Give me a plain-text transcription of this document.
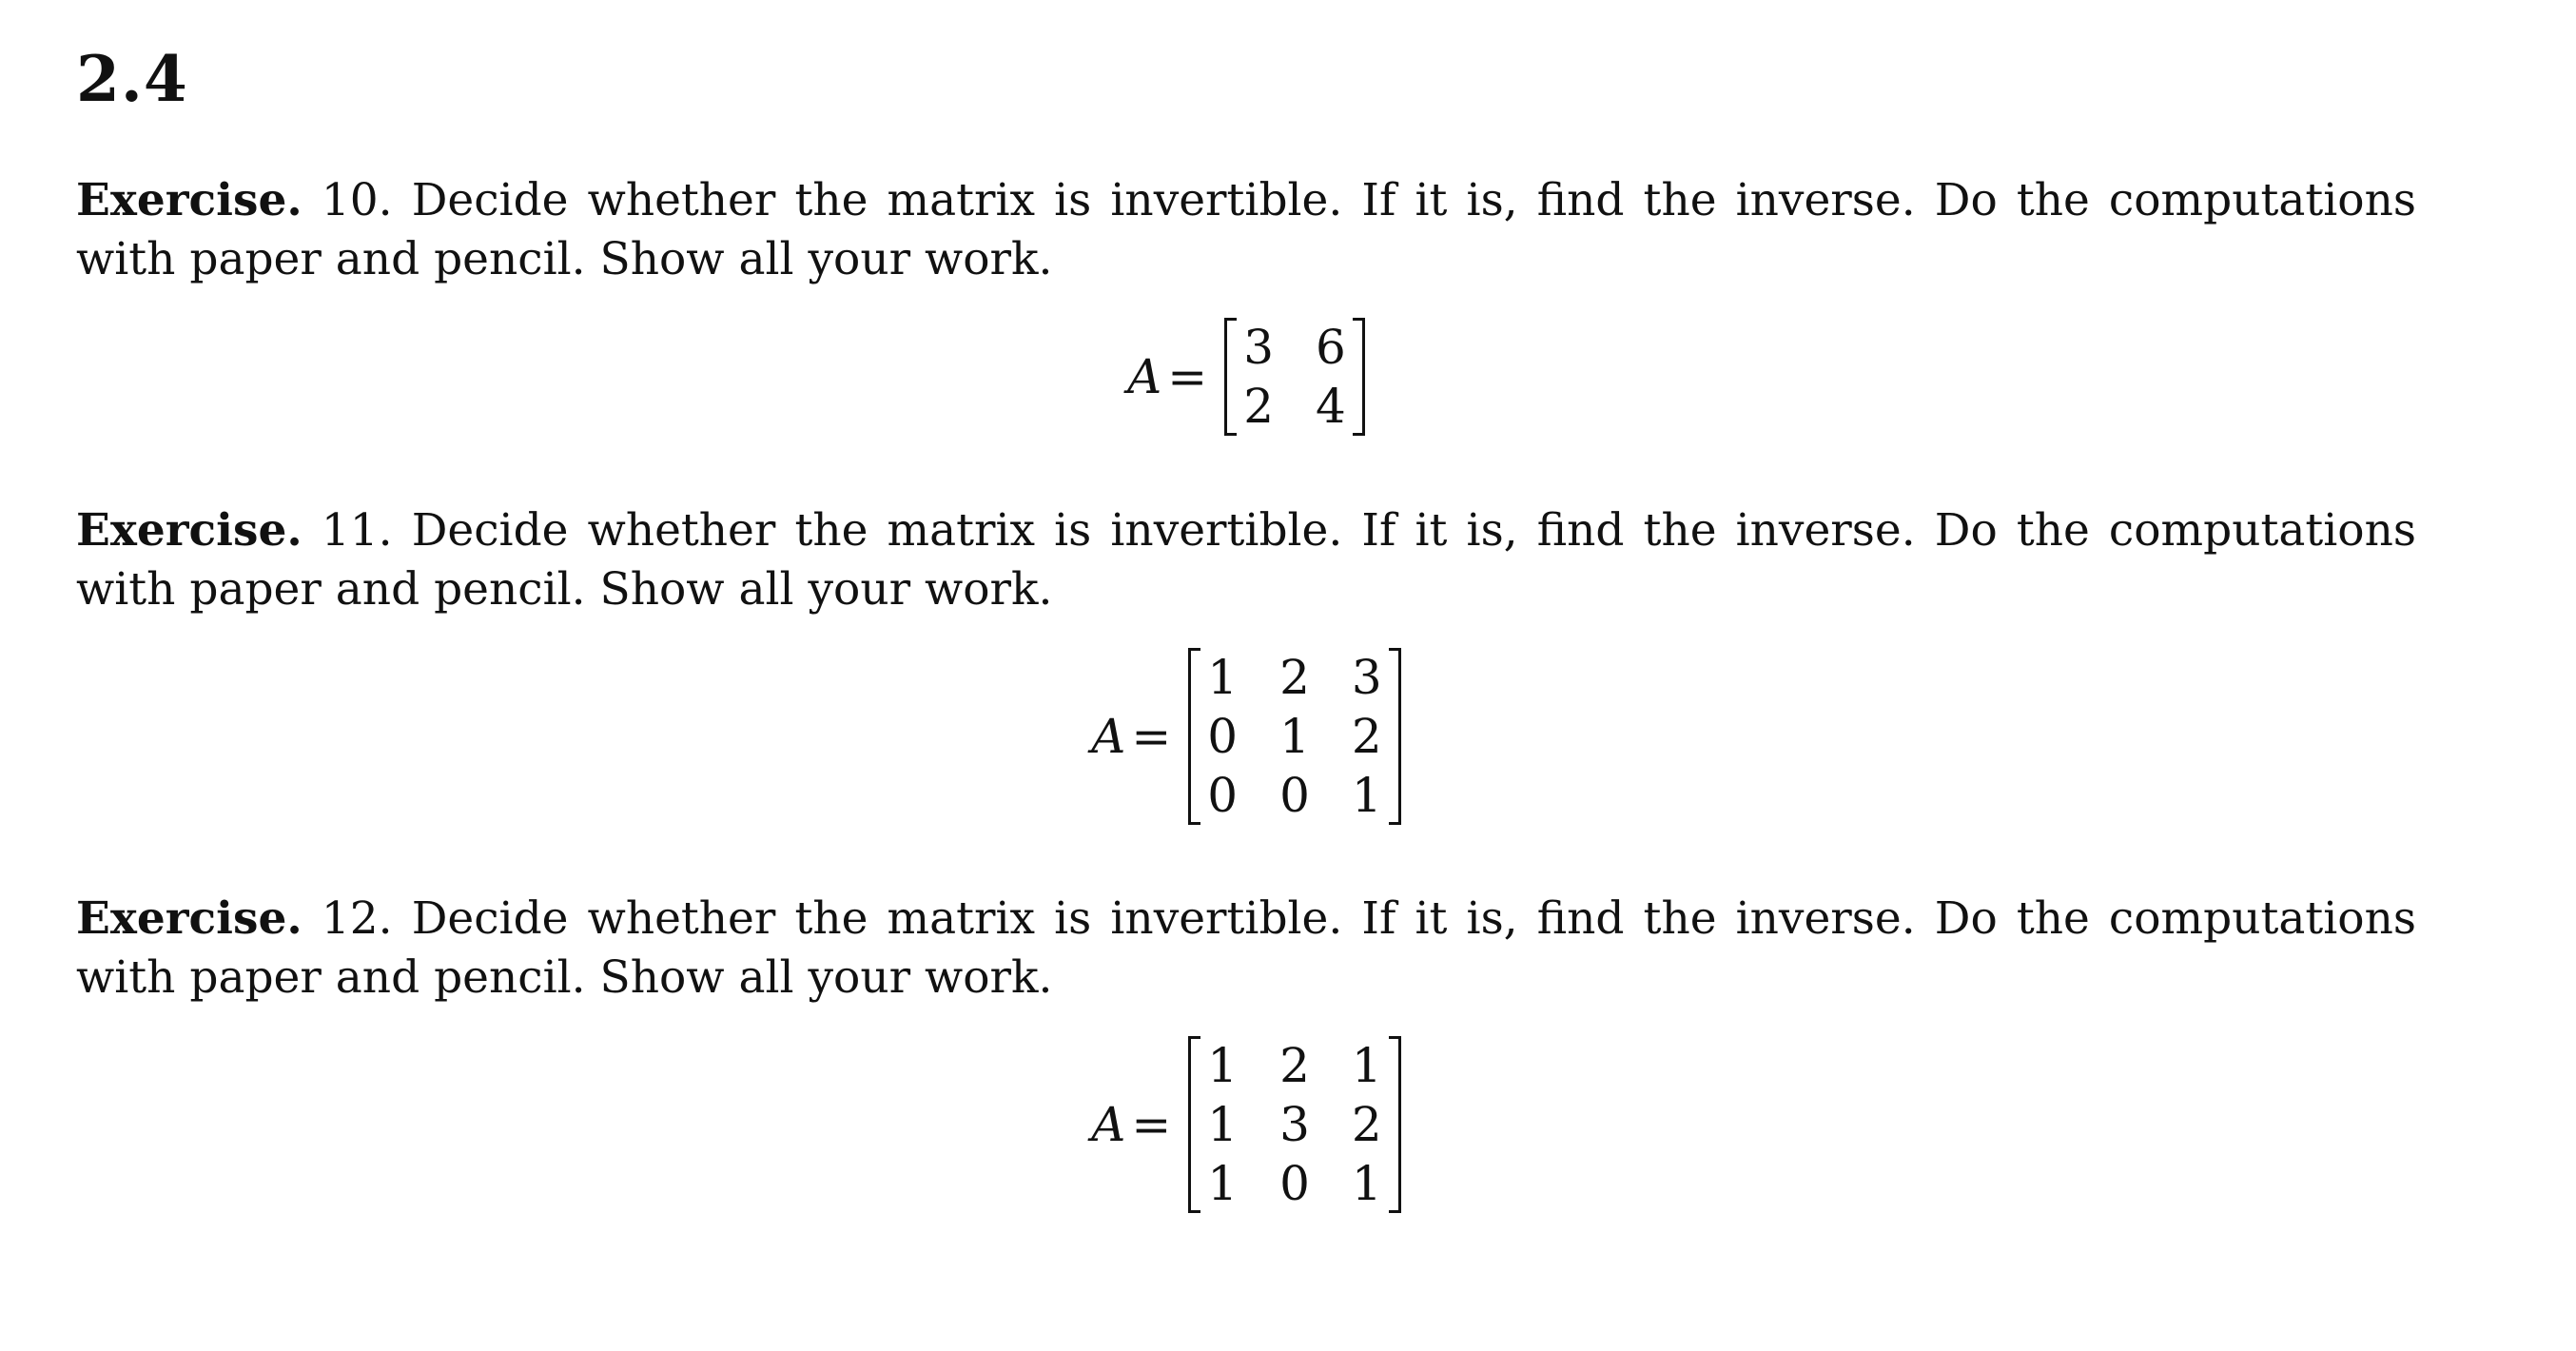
2.4

Exercise. 10. Decide whether the matrix is invertible. If it is, find the inverse. Do the computations with paper and pencil. Show all your work.

A =
3	6
2	4

Exercise. 11. Decide whether the matrix is invertible. If it is, find the inverse. Do the computations with paper and pencil. Show all your work.

A =
1	2	3
0	1	2
0	0	1

Exercise. 12. Decide whether the matrix is invertible. If it is, find the inverse. Do the computations with paper and pencil. Show all your work.

A =
1	2	1
1	3	2
1	0	1
